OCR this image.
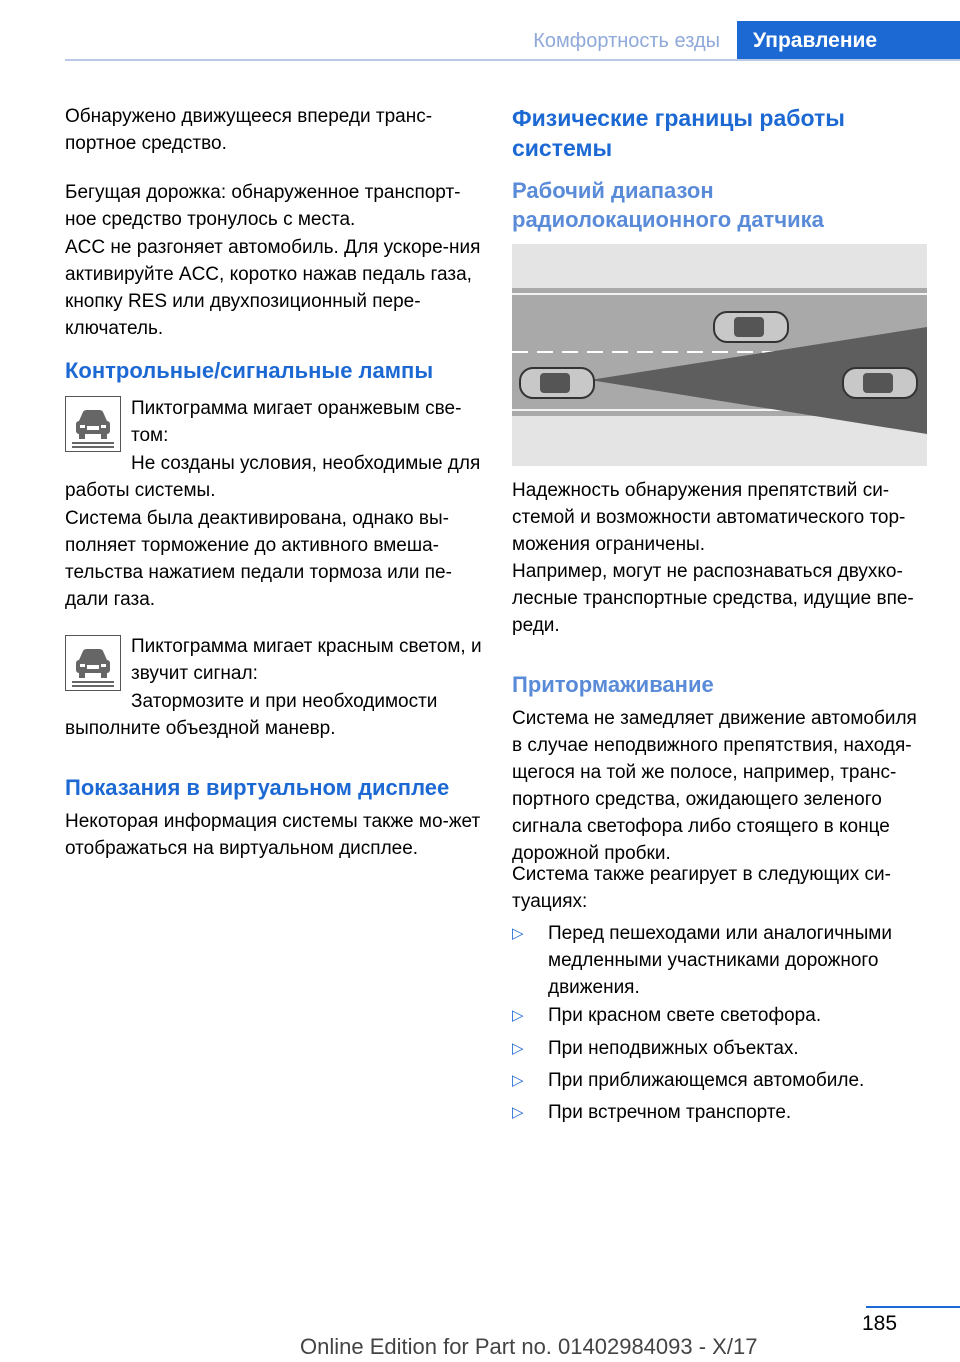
Комфортность езды Управление

Обнаружено движущееся впереди транс-портное средство.

Бегущая дорожка: обнаруженное транспорт-ное средство тронулось с места.

ACC не разгоняет автомобиль. Для ускоре-ния активируйте ACC, коротко нажав педаль газа, кнопку RES или двухпозиционный пере-ключатель.

Контрольные/сигнальные лампы

Пиктограмма мигает оранжевым све-том:

Не созданы условия, необходимые для работы системы.

Система была деактивирована, однако вы-полняет торможение до активного вмеша-тельства нажатием педали тормоза или пе-дали газа.

Пиктограмма мигает красным светом, и звучит сигнал:

Затормозите и при необходимости выполните объездной маневр.

Показания в виртуальном дисплее

Некоторая информация системы также мо-жет отображаться на виртуальном дисплее.

Физические границы работы системы
Рабочий диапазон радиолокационного датчика

Надежность обнаружения препятствий си-стемой и возможности автоматического тор-можения ограничены.

Например, могут не распознаваться двухко-лесные транспортные средства, идущие впе-реди.

Притормаживание

Система не замедляет движение автомобиля в случае неподвижного препятствия, находя-щегося на той же полосе, например, транс-портного средства, ожидающего зеленого сигнала светофора либо стоящего в конце дорожной пробки.

Система также реагирует в следующих си-туациях:

▷	Перед пешеходами или аналогичными медленными участниками дорожного движения.

▷	При красном свете светофора.

▷	При неподвижных объектах.

▷	При приближающемся автомобиле.

▷	При встречном транспорте.

185
Online Edition for Part no. 01402984093 - X/17
